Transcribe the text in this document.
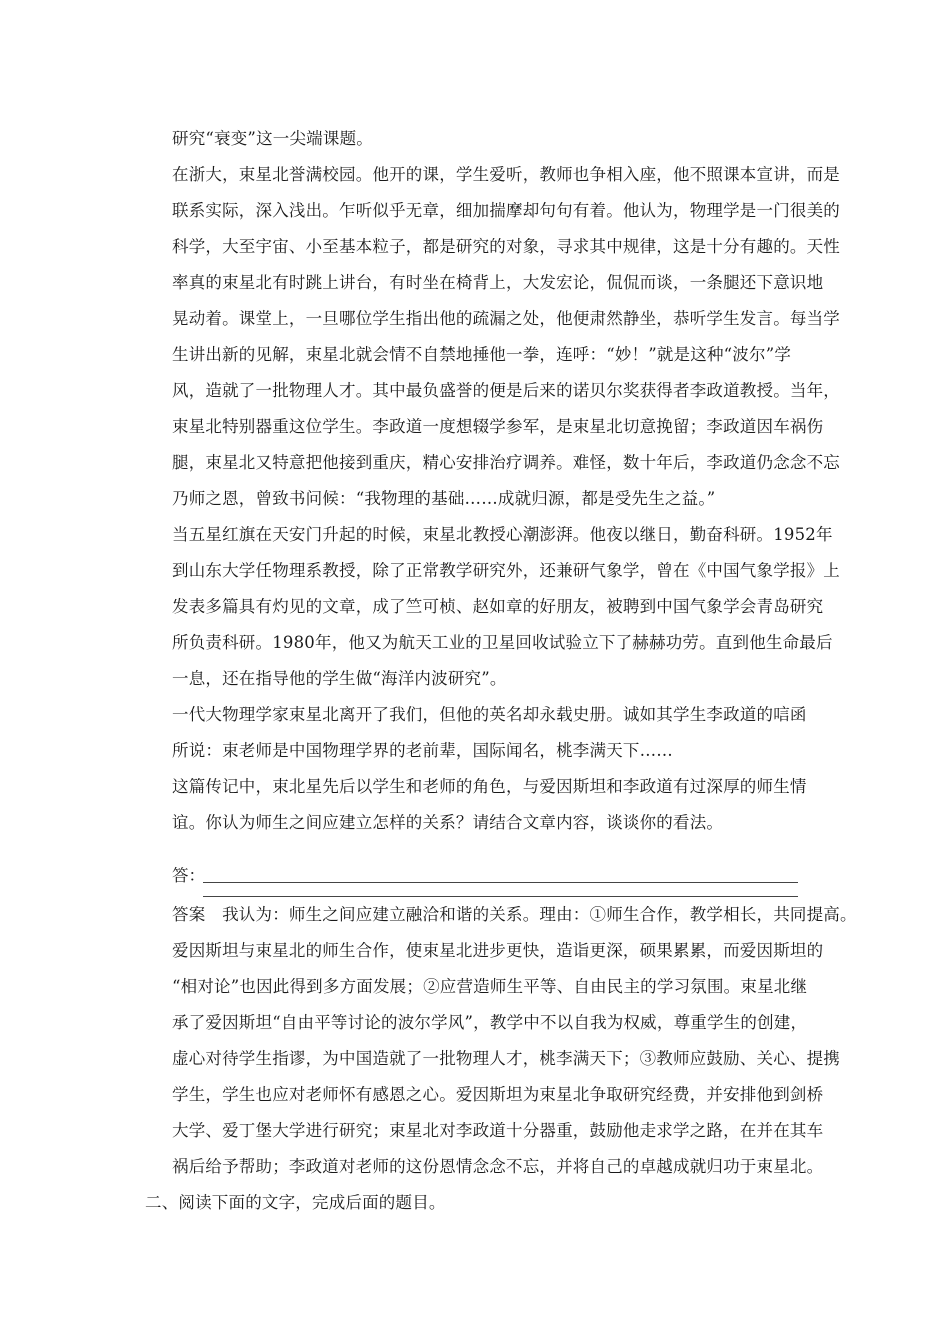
研究“衰变”这一尖端课题。
在浙大，束星北誉满校园。他开的课，学生爱听，教师也争相入座，他不照课本宣讲，而是
联系实际，深入浅出。乍听似乎无章，细加揣摩却句句有着。他认为，物理学是一门很美的
科学，大至宇宙、小至基本粒子，都是研究的对象，寻求其中规律，这是十分有趣的。天性
率真的束星北有时跳上讲台，有时坐在椅背上，大发宏论，侃侃而谈，一条腿还下意识地
晃动着。课堂上，一旦哪位学生指出他的疏漏之处，他便肃然静坐，恭听学生发言。每当学
生讲出新的见解，束星北就会情不自禁地捶他一拳，连呼：“妙！”就是这种“波尔”学
风，造就了一批物理人才。其中最负盛誉的便是后来的诺贝尔奖获得者李政道教授。当年，
束星北特别器重这位学生。李政道一度想辍学参军，是束星北切意挽留；李政道因车祸伤
腿，束星北又特意把他接到重庆，精心安排治疗调养。难怪，数十年后，李政道仍念念不忘
乃师之恩，曾致书问候：“我物理的基础……成就归源，都是受先生之益。”
当五星红旗在天安门升起的时候，束星北教授心潮澎湃。他夜以继日，勤奋科研。1952年
到山东大学任物理系教授，除了正常教学研究外，还兼研气象学，曾在《中国气象学报》上
发表多篇具有灼见的文章，成了竺可桢、赵如章的好朋友，被聘到中国气象学会青岛研究
所负责科研。1980年，他又为航天工业的卫星回收试验立下了赫赫功劳。直到他生命最后
一息，还在指导他的学生做“海洋内波研究”。
一代大物理学家束星北离开了我们，但他的英名却永载史册。诚如其学生李政道的唁函
所说：束老师是中国物理学界的老前辈，国际闻名，桃李满天下……
这篇传记中，束北星先后以学生和老师的角色，与爱因斯坦和李政道有过深厚的师生情
谊。你认为师生之间应建立怎样的关系？请结合文章内容，谈谈你的看法。
答：
答案　我认为：师生之间应建立融洽和谐的关系。理由：①师生合作，教学相长，共同提高。
爱因斯坦与束星北的师生合作，使束星北进步更快，造诣更深，硕果累累，而爱因斯坦的
“相对论”也因此得到多方面发展；②应营造师生平等、自由民主的学习氛围。束星北继
承了爱因斯坦“自由平等讨论的波尔学风”，教学中不以自我为权威，尊重学生的创建，
虚心对待学生指谬，为中国造就了一批物理人才，桃李满天下；③教师应鼓励、关心、提携
学生，学生也应对老师怀有感恩之心。爱因斯坦为束星北争取研究经费，并安排他到剑桥
大学、爱丁堡大学进行研究；束星北对李政道十分器重，鼓励他走求学之路，在并在其车
祸后给予帮助；李政道对老师的这份恩情念念不忘，并将自己的卓越成就归功于束星北。
二、阅读下面的文字，完成后面的题目。
